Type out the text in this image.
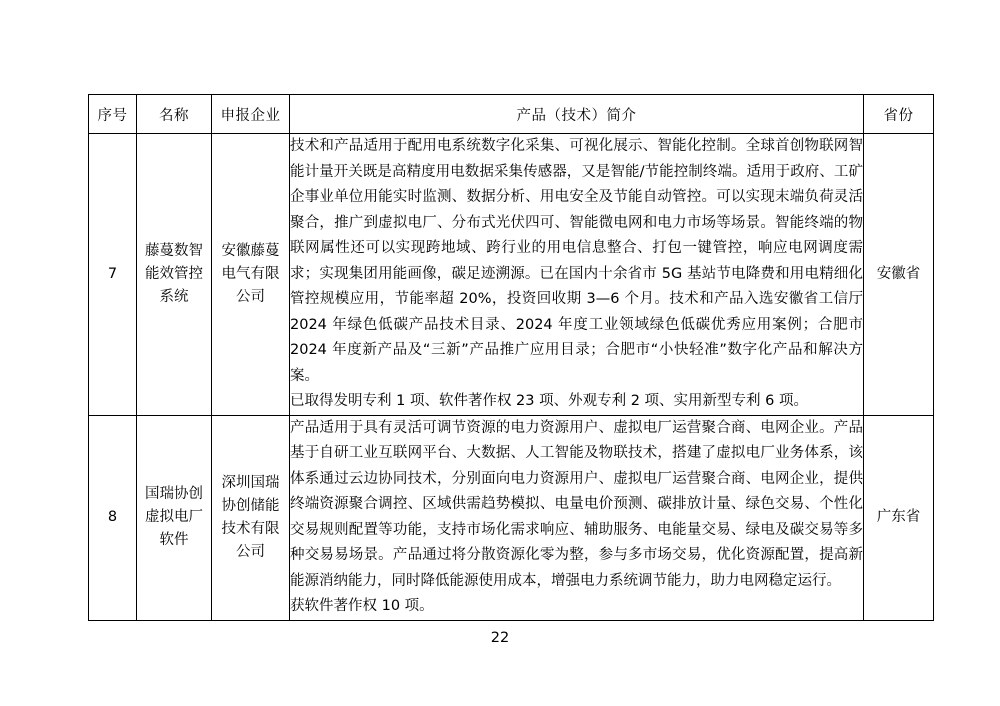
序号	名称	申报企业	产品（技术）简介	省份
7	藤蔓数智能效管控系统	安徽藤蔓电气有限公司	技术和产品适用于配用电系统数字化采集、可视化展示、智能化控制。全球首创物联网智能计量开关既是高精度用电数据采集传感器，又是智能/节能控制终端。适用于政府、工矿企事业单位用能实时监测、数据分析、用电安全及节能自动管控。可以实现末端负荷灵活聚合，推广到虚拟电厂、分布式光伏四可、智能微电网和电力市场等场景。智能终端的物联网属性还可以实现跨地域、跨行业的用电信息整合、打包一键管控，响应电网调度需求；实现集团用能画像，碳足迹溯源。已在国内十余省市 5G 基站节电降费和用电精细化管控规模应用，节能率超 20%，投资回收期 3—6 个月。技术和产品入选安徽省工信厅 2024 年绿色低碳产品技术目录、2024 年度工业领域绿色低碳优秀应用案例；合肥市 2024 年度新产品及“三新”产品推广应用目录；合肥市“小快轻准”数字化产品和解决方案。

已取得发明专利 1 项、软件著作权 23 项、外观专利 2 项、实用新型专利 6 项。	安徽省
8	国瑞协创虚拟电厂软件	深圳国瑞协创储能技术有限公司	产品适用于具有灵活可调节资源的电力资源用户、虚拟电厂运营聚合商、电网企业。产品基于自研工业互联网平台、大数据、人工智能及物联技术，搭建了虚拟电厂业务体系，该体系通过云边协同技术，分别面向电力资源用户、虚拟电厂运营聚合商、电网企业，提供终端资源聚合调控、区域供需趋势模拟、电量电价预测、碳排放计量、绿色交易、个性化交易规则配置等功能，支持市场化需求响应、辅助服务、电能量交易、绿电及碳交易等多种交易易场景。产品通过将分散资源化零为整，参与多市场交易，优化资源配置，提高新能源消纳能力，同时降低能源使用成本，增强电力系统调节能力，助力电网稳定运行。

获软件著作权 10 项。	广东省
22
